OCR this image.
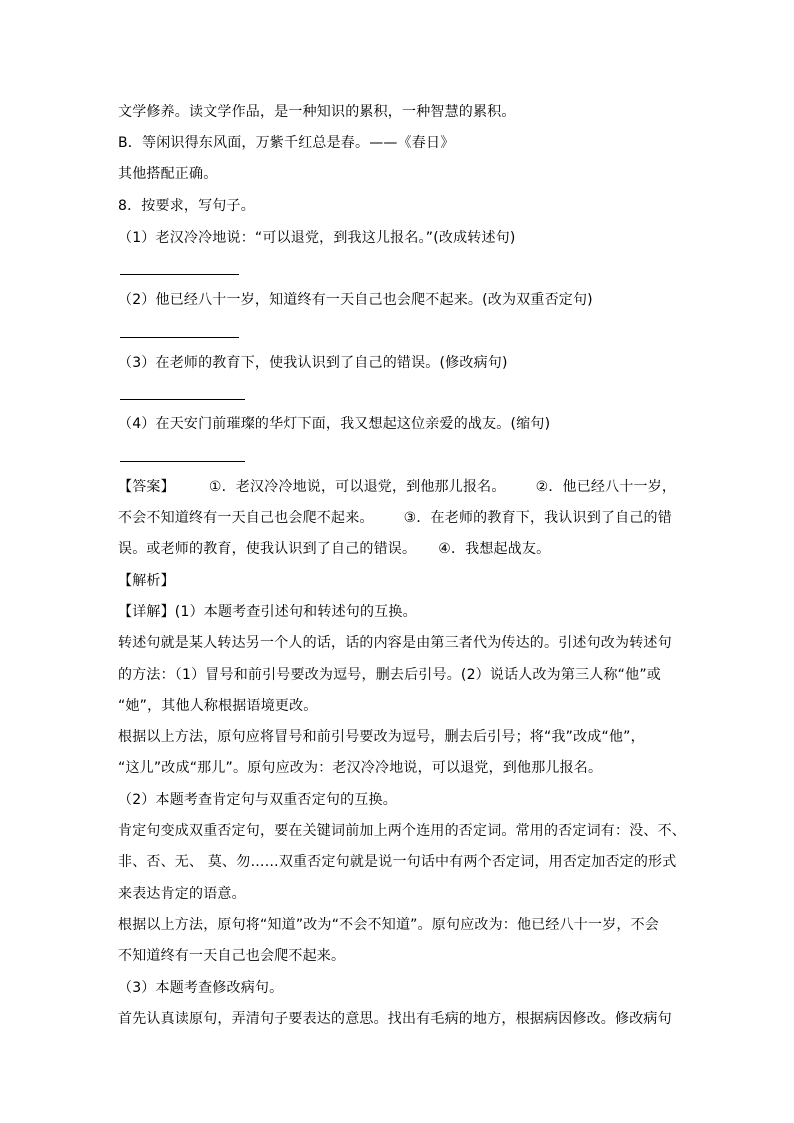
文学修养。读文学作品，是一种知识的累积，一种智慧的累积。
B．等闲识得东风面，万紫千红总是春。——《春日》
其他搭配正确。
8．按要求，写句子。
（1）老汉冷冷地说：“可以退党，到我这儿报名。”(改成转述句)
（2）他已经八十一岁，知道终有一天自己也会爬不起来。(改为双重否定句)
（3）在老师的教育下，使我认识到了自己的错误。(修改病句)
（4）在天安门前璀璨的华灯下面，我又想起这位亲爱的战友。(缩句)
【答案】 ①．老汉冷冷地说，可以退党，到他那儿报名。 ②．他已经八十一岁，
不会不知道终有一天自己也会爬不起来。 ③．在老师的教育下，我认识到了自己的错
误。或老师的教育，使我认识到了自己的错误。 ④．我想起战友。
【解析】
【详解】(1）本题考查引述句和转述句的互换。
转述句就是某人转达另一个人的话，话的内容是由第三者代为传达的。引述句改为转述句
的方法：（1）冒号和前引号要改为逗号，删去后引号。(2）说话人改为第三人称“他”或
“她”，其他人称根据语境更改。
根据以上方法，原句应将冒号和前引号要改为逗号，删去后引号；将“我”改成“他”，
“这儿”改成“那儿”。原句应改为：老汉冷冷地说，可以退党，到他那儿报名。
（2）本题考查肯定句与双重否定句的互换。
肯定句变成双重否定句，要在关键词前加上两个连用的否定词。常用的否定词有：没、不、
非、否、无、 莫、勿……双重否定句就是说一句话中有两个否定词，用否定加否定的形式
来表达肯定的语意。
根据以上方法，原句将“知道”改为“不会不知道”。原句应改为：他已经八十一岁，不会
不知道终有一天自己也会爬不起来。
（3）本题考查修改病句。
首先认真读原句，弄清句子要表达的意思。找出有毛病的地方，根据病因修改。修改病句
